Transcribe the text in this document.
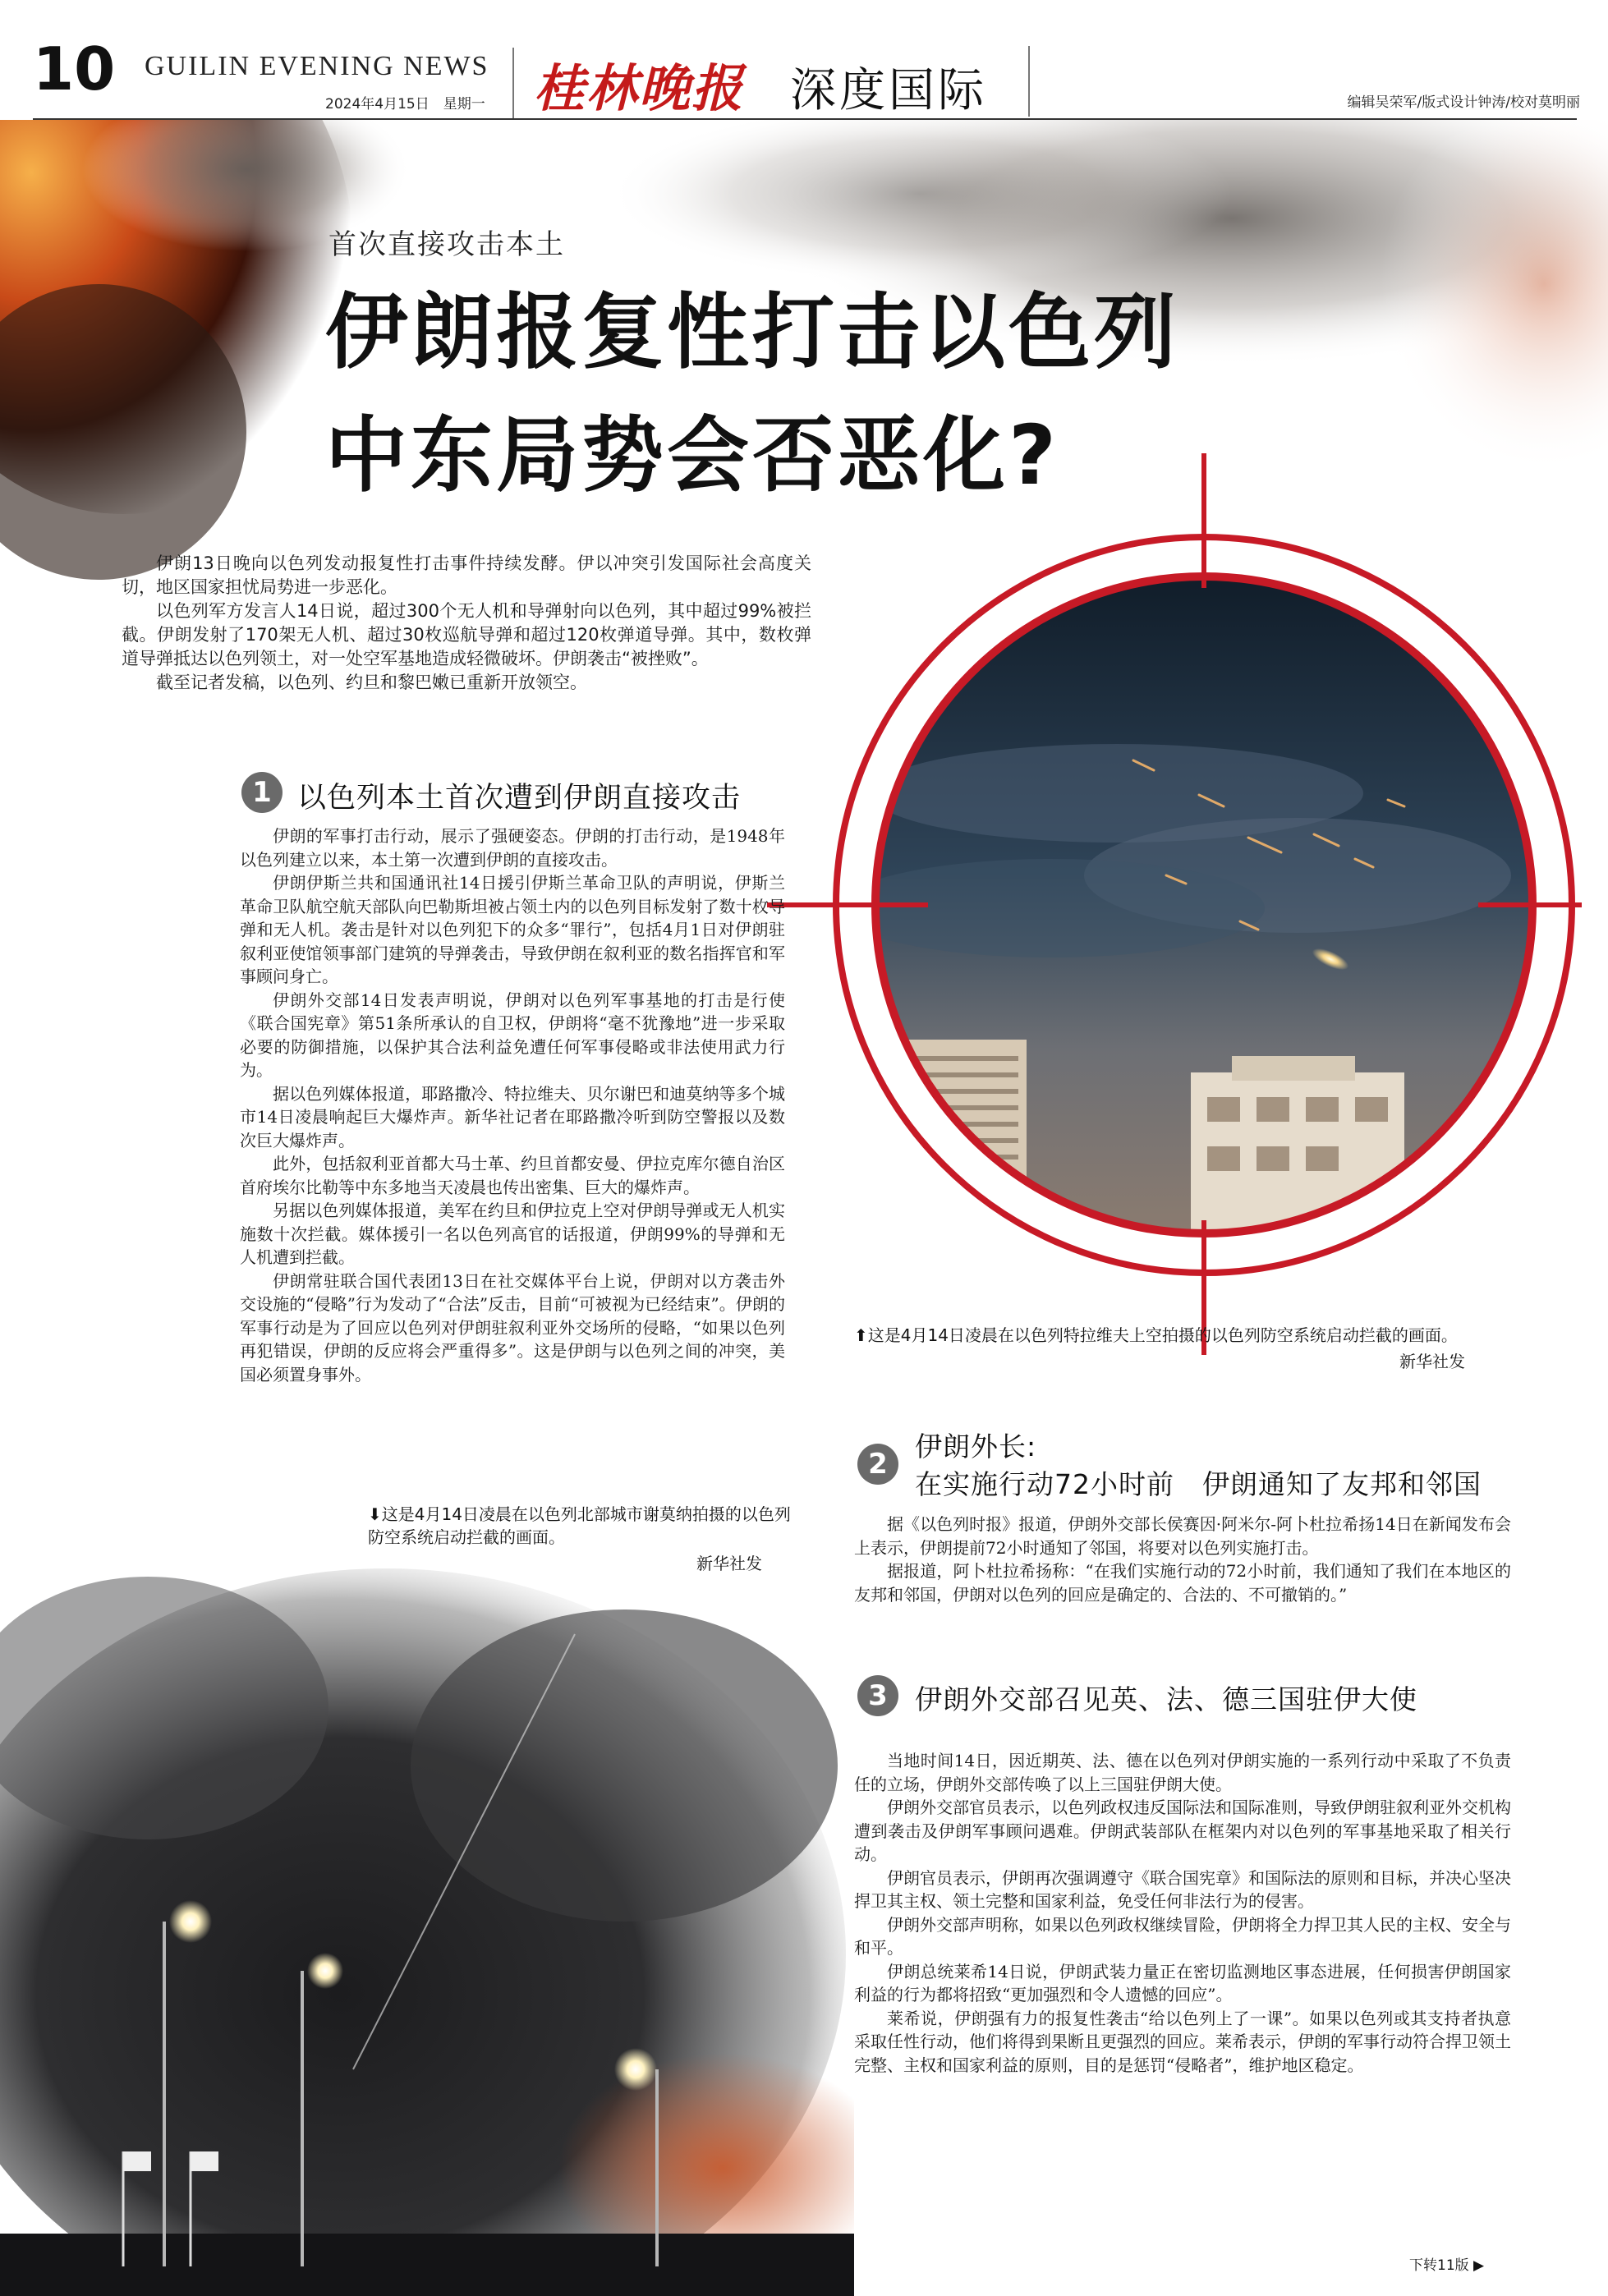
10 GUILIN EVENING NEWS
2024年4月15日　星期一 桂林晚报 深度国际	编辑吴荣军/版式设计钟涛/校对莫明丽
首次直接攻击本土
伊朗报复性打击以色列
中东局势会否恶化?

伊朗13日晚向以色列发动报复性打击事件持续发酵。伊以冲突引发国际社会高度关切，地区国家担忧局势进一步恶化。

以色列军方发言人14日说，超过300个无人机和导弹射向以色列，其中超过99%被拦截。伊朗发射了170架无人机、超过30枚巡航导弹和超过120枚弹道导弹。其中，数枚弹道导弹抵达以色列领土，对一处空军基地造成轻微破坏。伊朗袭击“被挫败”。

截至记者发稿，以色列、约旦和黎巴嫩已重新开放领空。

1 以色列本土首次遭到伊朗直接攻击

伊朗的军事打击行动，展示了强硬姿态。伊朗的打击行动，是1948年以色列建立以来，本土第一次遭到伊朗的直接攻击。

伊朗伊斯兰共和国通讯社14日援引伊斯兰革命卫队的声明说，伊斯兰革命卫队航空航天部队向巴勒斯坦被占领土内的以色列目标发射了数十枚导弹和无人机。袭击是针对以色列犯下的众多“罪行”，包括4月1日对伊朗驻叙利亚使馆领事部门建筑的导弹袭击，导致伊朗在叙利亚的数名指挥官和军事顾问身亡。

伊朗外交部14日发表声明说，伊朗对以色列军事基地的打击是行使《联合国宪章》第51条所承认的自卫权，伊朗将“毫不犹豫地”进一步采取必要的防御措施，以保护其合法利益免遭任何军事侵略或非法使用武力行为。

据以色列媒体报道，耶路撒冷、特拉维夫、贝尔谢巴和迪莫纳等多个城市14日凌晨响起巨大爆炸声。新华社记者在耶路撒冷听到防空警报以及数次巨大爆炸声。

此外，包括叙利亚首都大马士革、约旦首都安曼、伊拉克库尔德自治区首府埃尔比勒等中东多地当天凌晨也传出密集、巨大的爆炸声。

另据以色列媒体报道，美军在约旦和伊拉克上空对伊朗导弹或无人机实施数十次拦截。媒体援引一名以色列高官的话报道，伊朗99%的导弹和无人机遭到拦截。

伊朗常驻联合国代表团13日在社交媒体平台上说，伊朗对以方袭击外交设施的“侵略”行为发动了“合法”反击，目前“可被视为已经结束”。伊朗的军事行动是为了回应以色列对伊朗驻叙利亚外交场所的侵略，“如果以色列再犯错误，伊朗的反应将会严重得多”。这是伊朗与以色列之间的冲突，美国必须置身事外。

⬆这是4月14日凌晨在以色列特拉维夫上空拍摄的以色列防空系统启动拦截的画面。
新华社发
2
伊朗外长:
在实施行动72小时前　伊朗通知了友邦和邻国

据《以色列时报》报道，伊朗外交部长侯赛因·阿米尔-阿卜杜拉希扬14日在新闻发布会上表示，伊朗提前72小时通知了邻国，将要对以色列实施打击。

据报道，阿卜杜拉希扬称：“在我们实施行动的72小时前，我们通知了我们在本地区的友邦和邻国，伊朗对以色列的回应是确定的、合法的、不可撤销的。”

3	伊朗外交部召见英、法、德三国驻伊大使

当地时间14日，因近期英、法、德在以色列对伊朗实施的一系列行动中采取了不负责任的立场，伊朗外交部传唤了以上三国驻伊朗大使。

伊朗外交部官员表示，以色列政权违反国际法和国际准则，导致伊朗驻叙利亚外交机构遭到袭击及伊朗军事顾问遇难。伊朗武装部队在框架内对以色列的军事基地采取了相关行动。

伊朗官员表示，伊朗再次强调遵守《联合国宪章》和国际法的原则和目标，并决心坚决捍卫其主权、领土完整和国家利益，免受任何非法行为的侵害。

伊朗外交部声明称，如果以色列政权继续冒险，伊朗将全力捍卫其人民的主权、安全与和平。

伊朗总统莱希14日说，伊朗武装力量正在密切监测地区事态进展，任何损害伊朗国家利益的行为都将招致“更加强烈和令人遗憾的回应”。

莱希说，伊朗强有力的报复性袭击“给以色列上了一课”。如果以色列或其支持者执意采取任性行动，他们将得到果断且更强烈的回应。莱希表示，伊朗的军事行动符合捍卫领土完整、主权和国家利益的原则，目的是惩罚“侵略者”，维护地区稳定。

⬇这是4月14日凌晨在以色列北部城市谢莫纳拍摄的以色列防空系统启动拦截的画面。
新华社发
下转11版 ▶
